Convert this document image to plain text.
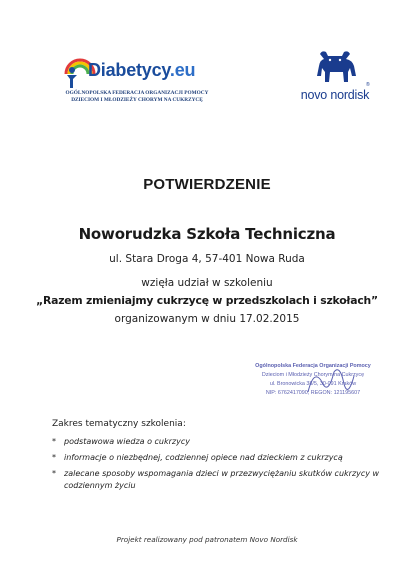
Diabetycy.eu
OGÓLNOPOLSKA FEDERACJA ORGANIZACJI POMOCY
DZIECIOM I MŁODZIEŻY CHORYM NA CUKRZYCĘ	novo nordisk
®
POTWIERDZENIE
Noworudzka Szkoła Techniczna
ul. Stara Droga 4, 57-401 Nowa Ruda
wzięła udział w szkoleniu
„Razem zmieniajmy cukrzycę w przedszkolach i szkołach”
organizowanym w dniu 17.02.2015
Ogólnopolska Federacja Organizacji Pomocy
Dzieciom i Młodzieży Chorym na Cukrzycę
ul. Bronowicka 38/5, 30-091 Kraków
NIP: 6762417090, REGON: 121195607
Zakres tematyczny szkolenia:
* podstawowa wiedza o cukrzycy
* informacje o niezbędnej, codziennej opiece nad dzieckiem z cukrzycą
* zalecane sposoby wspomagania dzieci w przezwyciężaniu skutków cukrzycy w codziennym życiu
Projekt realizowany pod patronatem Novo Nordisk
